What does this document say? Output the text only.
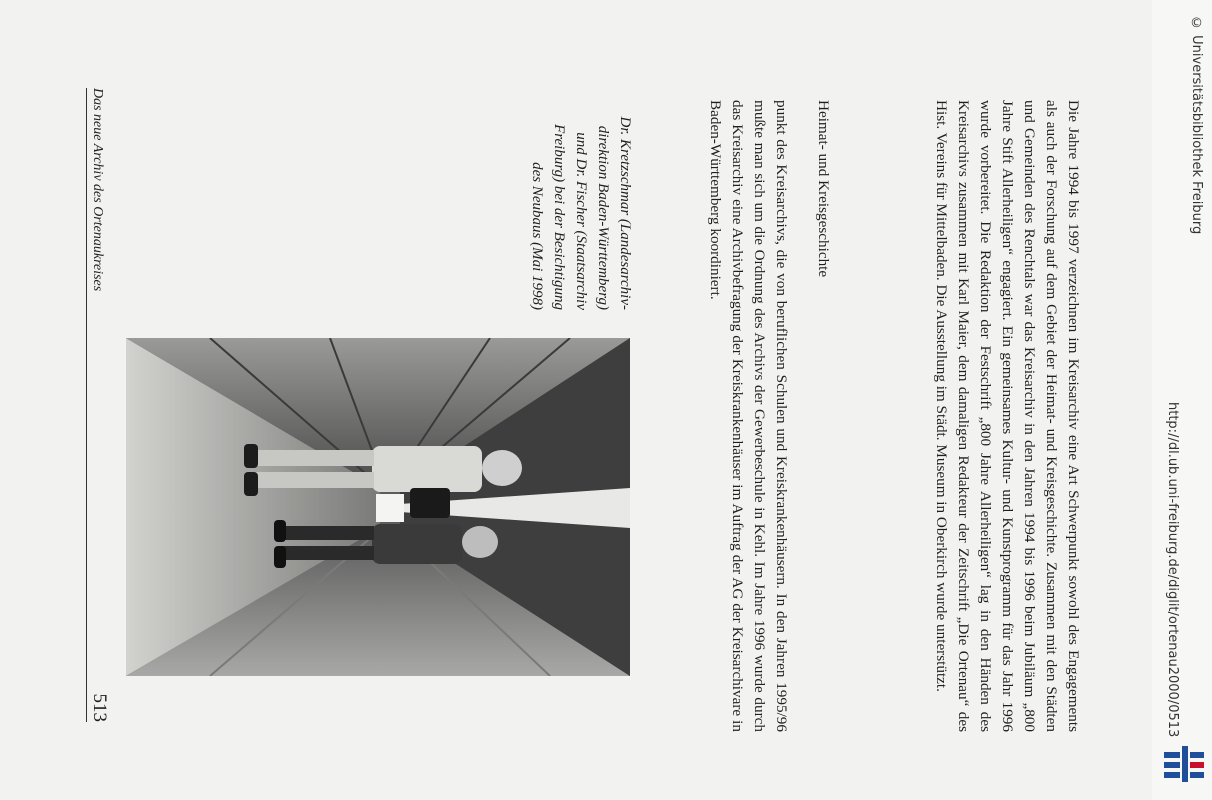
Das neue Archiv des Ortenaukreises
513
Dr. Kretzschmar (Landesarchiv-
direktion Baden-Württemberg)
und Dr. Fischer (Staatsarchiv
Freiburg) bei der Besichtigung
des Neubaus (Mai 1998)	punkt des Kreisarchivs, die von beruflichen Schulen und Kreiskrankenhäusern. In den Jahren 1995/96 mußte man sich um die Ordnung des Archivs der Gewerbeschule in Kehl. Im Jahre 1996 wurde durch das Kreisarchiv eine Archivbefragung der Kreiskrankenhäuser im Auftrag der AG der Kreisarchivare in Baden-Württemberg koordiniert.	Heimat- und Kreisgeschichte	Die Jahre 1994 bis 1997 verzeichnen im Kreisarchiv eine Art Schwerpunkt sowohl des Engagements als auch der Forschung auf dem Gebiet der Heimat- und Kreisgeschichte. Zusammen mit den Städten und Gemeinden des Renchtals war das Kreisarchiv in den Jahren 1994 bis 1996 beim Jubiläum „800 Jahre Stift Allerheiligen“ engagiert. Ein gemeinsames Kultur- und Kunstprogramm für das Jahr 1996 wurde vorbereitet. Die Redaktion der Festschrift „800 Jahre Allerheiligen“ lag in den Händen des Kreisarchivs zusammen mit Karl Maier, dem damaligen Redakteur der Zeitschrift „Die Ortenau“ des Hist. Vereins für Mittelbaden. Die Ausstellung im Städt. Museum in Oberkirch wurde unterstützt.	http://dl.ub.uni-freiburg.de/diglit/ortenau2000/0513
© Universitätsbibliothek Freiburg
